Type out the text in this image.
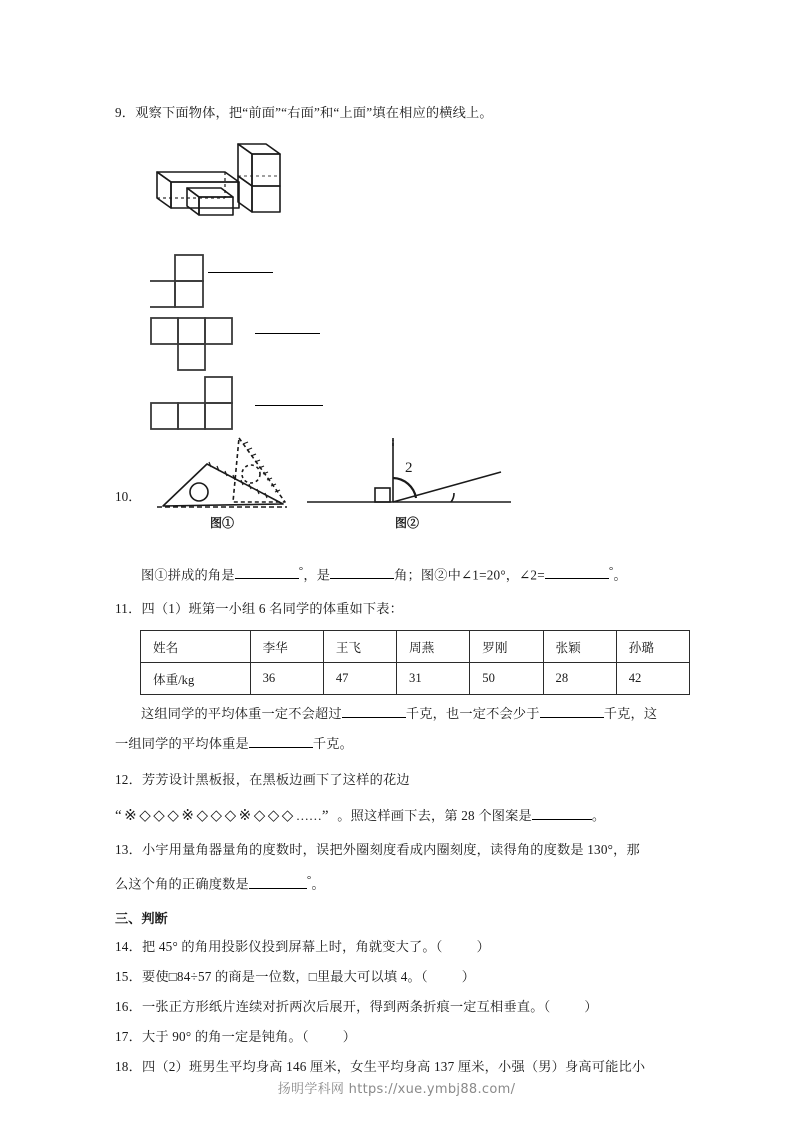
9．观察下面物体，把“前面”“右面”和“上面”填在相应的横线上。
10．
图①
2
图②
图①拼成的角是	°，是	角；图②中∠1=20°，∠2=	°。
11．四（1）班第一小组 6 名同学的体重如下表：
姓名	李华	王飞	周燕	罗刚	张颖	孙璐
体重/kg	36	47	31	50	28	42
这组同学的平均体重一定不会超过	千克，也一定不会少于	千克，这
一组同学的平均体重是	千克。
12．芳芳设计黑板报，在黑板边画下了这样的花边
“※◇◇◇※◇◇◇※◇◇◇……” 。照这样画下去，第 28 个图案是	。
13．小宇用量角器量角的度数时，误把外圈刻度看成内圈刻度，读得角的度数是 130°，那
么这个角的正确度数是	°。
三、判断
14．把 45° 的角用投影仪投到屏幕上时，角就变大了。（	）
15．要使□84÷57 的商是一位数，□里最大可以填 4。（	）
16．一张正方形纸片连续对折两次后展开，得到两条折痕一定互相垂直。（	）
17．大于 90° 的角一定是钝角。（	）
18．四（2）班男生平均身高 146 厘米，女生平均身高 137 厘米，小强（男）身高可能比小
扬明学科网 https://xue.ymbj88.com/
